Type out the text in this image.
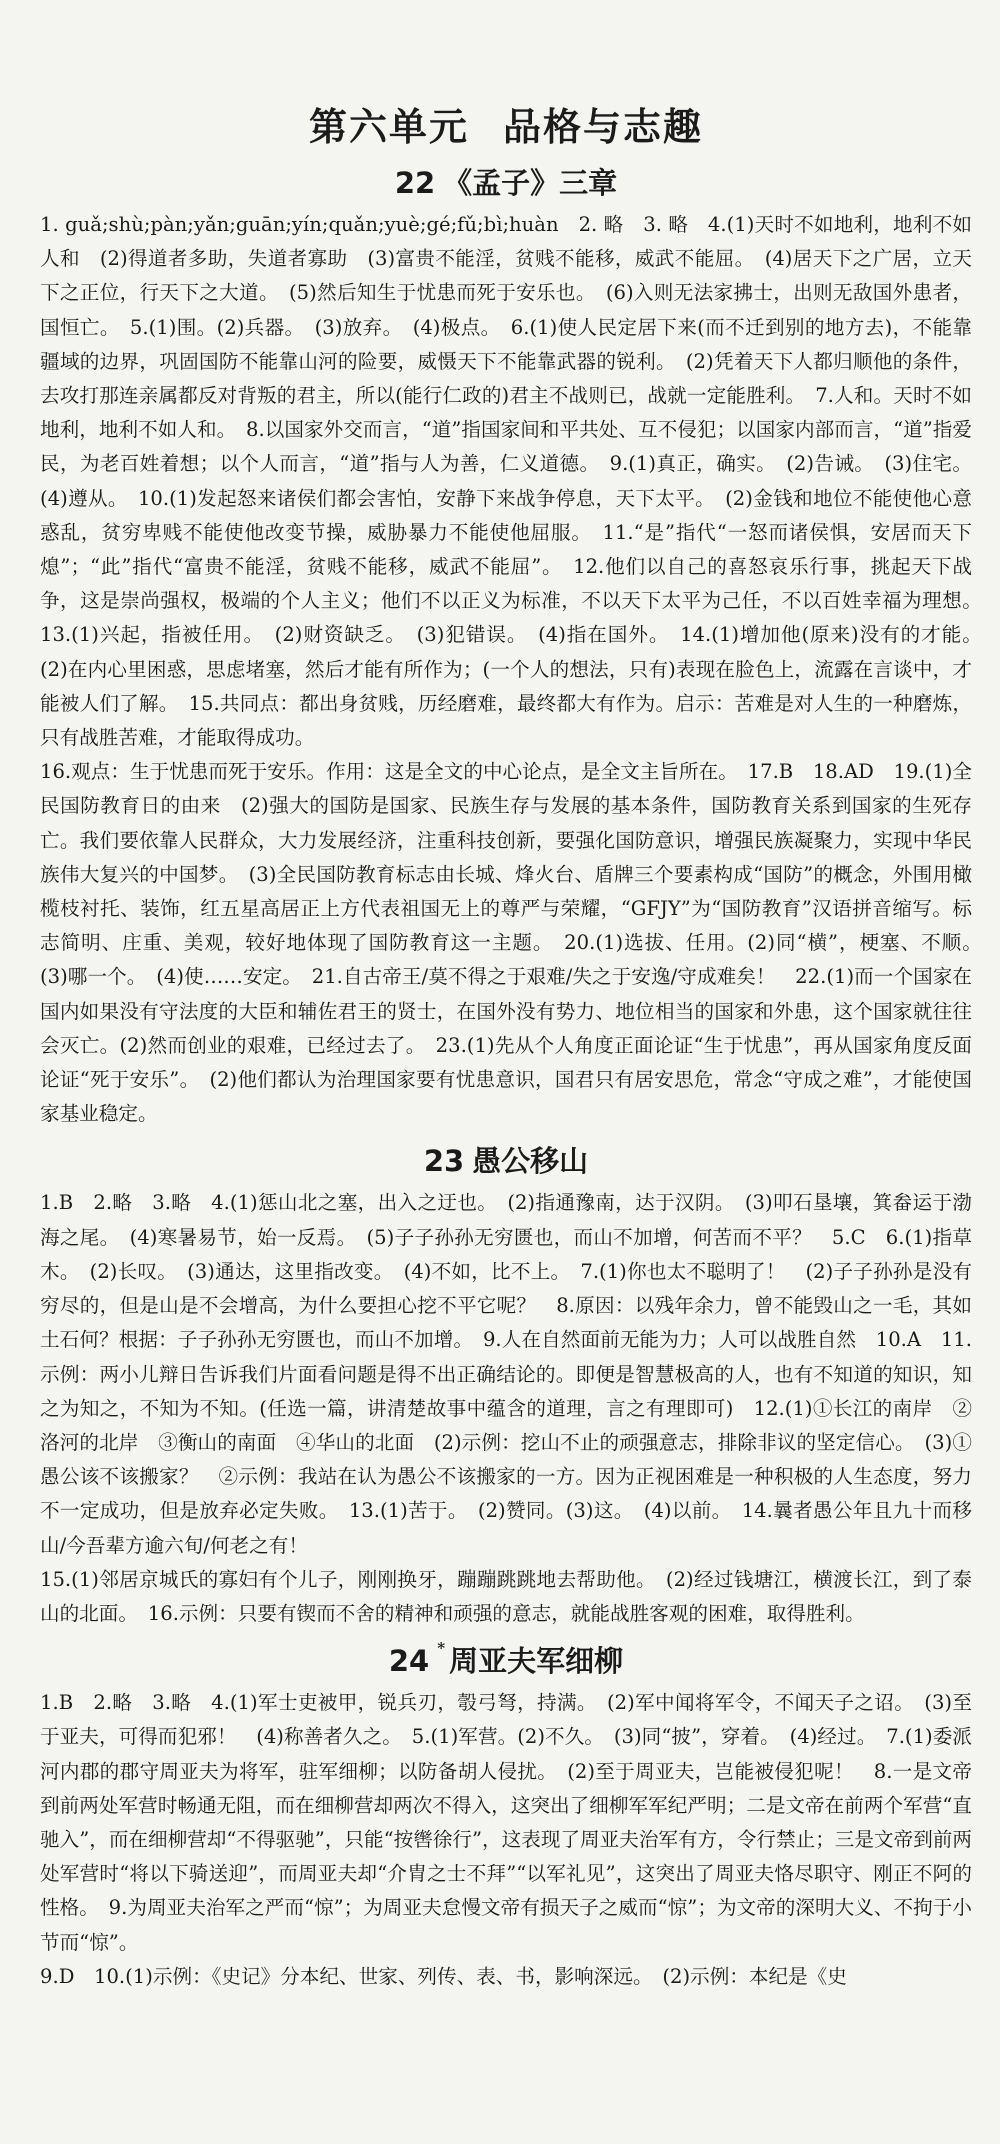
第六单元 品格与志趣
22 《孟子》三章

1. guǎ;shù;pàn;yǎn;guān;yín;quǎn;yuè;gé;fǔ;bì;huàn　2. 略　3. 略　4.(1)天时不如地利，地利不如人和　(2)得道者多助，失道者寡助　(3)富贵不能淫，贫贱不能移，威武不能屈。　(4)居天下之广居，立天下之正位，行天下之大道。　(5)然后知生于忧患而死于安乐也。　(6)入则无法家拂士，出则无敌国外患者，国恒亡。　5.(1)围。(2)兵器。　(3)放弃。　(4)极点。　6.(1)使人民定居下来(而不迁到别的地方去)，不能靠疆域的边界，巩固国防不能靠山河的险要，威慑天下不能靠武器的锐利。　(2)凭着天下人都归顺他的条件，去攻打那连亲属都反对背叛的君主，所以(能行仁政的)君主不战则已，战就一定能胜利。　7.人和。天时不如地利，地利不如人和。　8.以国家外交而言，“道”指国家间和平共处、互不侵犯；以国家内部而言，“道”指爱民，为老百姓着想；以个人而言，“道”指与人为善，仁义道德。　9.(1)真正，确实。　(2)告诫。　(3)住宅。(4)遵从。　10.(1)发起怒来诸侯们都会害怕，安静下来战争停息，天下太平。　(2)金钱和地位不能使他心意惑乱，贫穷卑贱不能使他改变节操，威胁暴力不能使他屈服。　11.“是”指代“一怒而诸侯惧，安居而天下熄”；“此”指代“富贵不能淫，贫贱不能移，威武不能屈”。　12.他们以自己的喜怒哀乐行事，挑起天下战争，这是崇尚强权，极端的个人主义；他们不以正义为标准，不以天下太平为己任，不以百姓幸福为理想。　13.(1)兴起，指被任用。　(2)财资缺乏。　(3)犯错误。　(4)指在国外。　14.(1)增加他(原来)没有的才能。　(2)在内心里困惑，思虑堵塞，然后才能有所作为；(一个人的想法，只有)表现在脸色上，流露在言谈中，才能被人们了解。　15.共同点：都出身贫贱，历经磨难，最终都大有作为。启示：苦难是对人生的一种磨炼，只有战胜苦难，才能取得成功。

16.观点：生于忧患而死于安乐。作用：这是全文的中心论点，是全文主旨所在。　17.B　18.AD　19.(1)全民国防教育日的由来　(2)强大的国防是国家、民族生存与发展的基本条件，国防教育关系到国家的生死存亡。我们要依靠人民群众，大力发展经济，注重科技创新，要强化国防意识，增强民族凝聚力，实现中华民族伟大复兴的中国梦。　(3)全民国防教育标志由长城、烽火台、盾牌三个要素构成“国防”的概念，外围用橄榄枝衬托、装饰，红五星高居正上方代表祖国无上的尊严与荣耀，“GFJY”为“国防教育”汉语拼音缩写。标志简明、庄重、美观，较好地体现了国防教育这一主题。　20.(1)选拔、任用。(2)同“横”，梗塞、不顺。　(3)哪一个。　(4)使……安定。　21.自古帝王/莫不得之于艰难/失之于安逸/守成难矣！　22.(1)而一个国家在国内如果没有守法度的大臣和辅佐君王的贤士，在国外没有势力、地位相当的国家和外患，这个国家就往往会灭亡。(2)然而创业的艰难，已经过去了。　23.(1)先从个人角度正面论证“生于忧患”，再从国家角度反面论证“死于安乐”。　(2)他们都认为治理国家要有忧患意识，国君只有居安思危，常念“守成之难”，才能使国家基业稳定。

23 愚公移山

1.B　2.略　3.略　4.(1)惩山北之塞，出入之迂也。　(2)指通豫南，达于汉阴。　(3)叩石垦壤，箕畚运于渤海之尾。　(4)寒暑易节，始一反焉。　(5)子子孙孙无穷匮也，而山不加增，何苦而不平？　5.C　6.(1)指草木。　(2)长叹。　(3)通达，这里指改变。　(4)不如，比不上。　7.(1)你也太不聪明了！　(2)子子孙孙是没有穷尽的，但是山是不会增高，为什么要担心挖不平它呢？　8.原因：以残年余力，曾不能毁山之一毛，其如土石何？根据：子子孙孙无穷匮也，而山不加增。　9.人在自然面前无能为力；人可以战胜自然　10.A　11.示例：两小儿辩日告诉我们片面看问题是得不出正确结论的。即便是智慧极高的人，也有不知道的知识，知之为知之，不知为不知。(任选一篇，讲清楚故事中蕴含的道理，言之有理即可)　12.(1)①长江的南岸　②洛河的北岸　③衡山的南面　④华山的北面　(2)示例：挖山不止的顽强意志，排除非议的坚定信心。　(3)①愚公该不该搬家？　②示例：我站在认为愚公不该搬家的一方。因为正视困难是一种积极的人生态度，努力不一定成功，但是放弃必定失败。　13.(1)苦于。　(2)赞同。(3)这。　(4)以前。　14.曩者愚公年且九十而移山/今吾辈方逾六旬/何老之有！

15.(1)邻居京城氏的寡妇有个儿子，刚刚换牙，蹦蹦跳跳地去帮助他。　(2)经过钱塘江，横渡长江，到了泰山的北面。　16.示例：只要有锲而不舍的精神和顽强的意志，就能战胜客观的困难，取得胜利。

24 * 周亚夫军细柳

1.B　2.略　3.略　4.(1)军士吏被甲，锐兵刃，彀弓弩，持满。　(2)军中闻将军令，不闻天子之诏。　(3)至于亚夫，可得而犯邪！　(4)称善者久之。　5.(1)军营。(2)不久。　(3)同“披”，穿着。　(4)经过。　7.(1)委派河内郡的郡守周亚夫为将军，驻军细柳；以防备胡人侵扰。　(2)至于周亚夫，岂能被侵犯呢！　8.一是文帝到前两处军营时畅通无阻，而在细柳营却两次不得入，这突出了细柳军军纪严明；二是文帝在前两个军营“直驰入”，而在细柳营却“不得驱驰”，只能“按辔徐行”，这表现了周亚夫治军有方，令行禁止；三是文帝到前两处军营时“将以下骑送迎”，而周亚夫却“介胄之士不拜”“以军礼见”，这突出了周亚夫恪尽职守、刚正不阿的性格。　9.为周亚夫治军之严而“惊”；为周亚夫怠慢文帝有损天子之威而“惊”；为文帝的深明大义、不拘于小节而“惊”。

9.D　10.(1)示例：《史记》分本纪、世家、列传、表、书，影响深远。　(2)示例：本纪是《史
